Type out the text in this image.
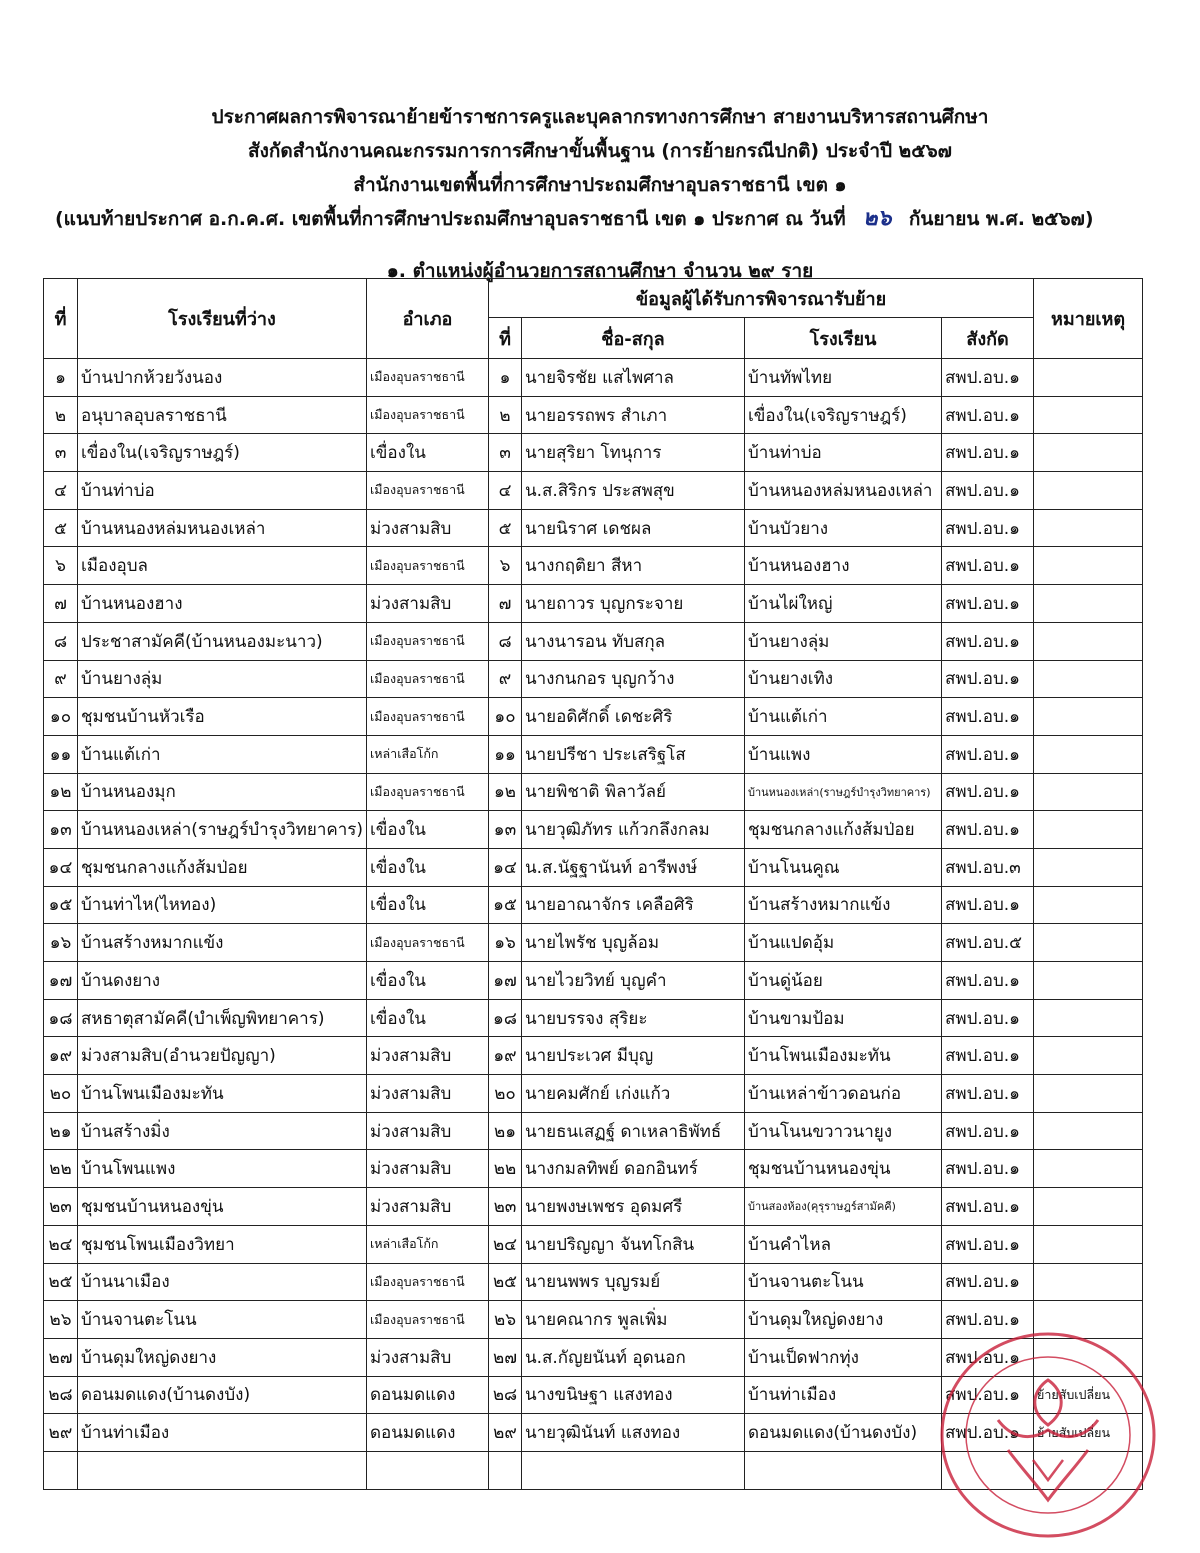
ประกาศผลการพิจารณาย้ายข้าราชการครูและบุคลากรทางการศึกษา สายงานบริหารสถานศึกษา
สังกัดสำนักงานคณะกรรมการการศึกษาขั้นพื้นฐาน (การย้ายกรณีปกติ) ประจำปี ๒๕๖๗
สำนักงานเขตพื้นที่การศึกษาประถมศึกษาอุบลราชธานี เขต ๑
(แนบท้ายประกาศ อ.ก.ค.ศ. เขตพื้นที่การศึกษาประถมศึกษาอุบลราชธานี เขต ๑ ประกาศ ณ วันที่ ๒๖ กันยายน พ.ศ. ๒๕๖๗)
๑. ตำแหน่งผู้อำนวยการสถานศึกษา จำนวน ๒๙ ราย
ที่	โรงเรียนที่ว่าง	อำเภอ	ข้อมูลผู้ได้รับการพิจารณารับย้าย				หมายเหตุ
			ที่	ชื่อ-สกุล	โรงเรียน	สังกัด	
๑	บ้านปากห้วยวังนอง	เมืองอุบลราชธานี	๑	นายจิรชัย แสไพศาล	บ้านทัพไทย	สพป.อบ.๑	
๒	อนุบาลอุบลราชธานี	เมืองอุบลราชธานี	๒	นายอรรถพร สำเภา	เขื่องใน(เจริญราษฎร์)	สพป.อบ.๑	
๓	เขื่องใน(เจริญราษฎร์)	เขื่องใน	๓	นายสุริยา โทนุการ	บ้านท่าบ่อ	สพป.อบ.๑	
๔	บ้านท่าบ่อ	เมืองอุบลราชธานี	๔	น.ส.สิริกร ประสพสุข	บ้านหนองหล่มหนองเหล่า	สพป.อบ.๑	
๕	บ้านหนองหล่มหนองเหล่า	ม่วงสามสิบ	๕	นายนิราศ เดชผล	บ้านบัวยาง	สพป.อบ.๑	
๖	เมืองอุบล	เมืองอุบลราชธานี	๖	นางกฤติยา สีหา	บ้านหนองฮาง	สพป.อบ.๑	
๗	บ้านหนองฮาง	ม่วงสามสิบ	๗	นายถาวร บุญกระจาย	บ้านไผ่ใหญ่	สพป.อบ.๑	
๘	ประชาสามัคคี(บ้านหนองมะนาว)	เมืองอุบลราชธานี	๘	นางนารอน ทับสกุล	บ้านยางลุ่ม	สพป.อบ.๑	
๙	บ้านยางลุ่ม	เมืองอุบลราชธานี	๙	นางกนกอร บุญกว้าง	บ้านยางเทิง	สพป.อบ.๑	
๑๐	ชุมชนบ้านหัวเรือ	เมืองอุบลราชธานี	๑๐	นายอดิศักดิ์ เดชะศิริ	บ้านแต้เก่า	สพป.อบ.๑	
๑๑	บ้านแต้เก่า	เหล่าเสือโก้ก	๑๑	นายปรีชา ประเสริฐโส	บ้านแพง	สพป.อบ.๑	
๑๒	บ้านหนองมุก	เมืองอุบลราชธานี	๑๒	นายพิชาติ พิลาวัลย์	บ้านหนองเหล่า(ราษฎร์บำรุงวิทยาคาร)	สพป.อบ.๑	
๑๓	บ้านหนองเหล่า(ราษฎร์บำรุงวิทยาคาร)	เขื่องใน	๑๓	นายวุฒิภัทร แก้วกลึงกลม	ชุมชนกลางแก้งส้มป่อย	สพป.อบ.๑	
๑๔	ชุมชนกลางแก้งส้มป่อย	เขื่องใน	๑๔	น.ส.นัฐฐานันท์ อารีพงษ์	บ้านโนนคูณ	สพป.อบ.๓	
๑๕	บ้านท่าไห(ไหทอง)	เขื่องใน	๑๕	นายอาณาจักร เคลือศิริ	บ้านสร้างหมากแข้ง	สพป.อบ.๑	
๑๖	บ้านสร้างหมากแข้ง	เมืองอุบลราชธานี	๑๖	นายไพรัช บุญล้อม	บ้านแปดอุ้ม	สพป.อบ.๕	
๑๗	บ้านดงยาง	เขื่องใน	๑๗	นายไวยวิทย์ บุญคำ	บ้านดู่น้อย	สพป.อบ.๑	
๑๘	สหธาตุสามัคคี(บำเพ็ญพิทยาคาร)	เขื่องใน	๑๘	นายบรรจง สุริยะ	บ้านขามป้อม	สพป.อบ.๑	
๑๙	ม่วงสามสิบ(อำนวยปัญญา)	ม่วงสามสิบ	๑๙	นายประเวศ มีบุญ	บ้านโพนเมืองมะทัน	สพป.อบ.๑	
๒๐	บ้านโพนเมืองมะทัน	ม่วงสามสิบ	๒๐	นายคมศักย์ เก่งแก้ว	บ้านเหล่าข้าวดอนก่อ	สพป.อบ.๑	
๒๑	บ้านสร้างมิ่ง	ม่วงสามสิบ	๒๑	นายธนเสฏฐ์ ดาเหลาธิพัทธ์	บ้านโนนขวาวนายูง	สพป.อบ.๑	
๒๒	บ้านโพนแพง	ม่วงสามสิบ	๒๒	นางกมลทิพย์ ดอกอินทร์	ชุมชนบ้านหนองขุ่น	สพป.อบ.๑	
๒๓	ชุมชนบ้านหนองขุ่น	ม่วงสามสิบ	๒๓	นายพงษเพชร อุดมศรี	บ้านสองห้อง(คุรุราษฎร์สามัคคี)	สพป.อบ.๑	
๒๔	ชุมชนโพนเมืองวิทยา	เหล่าเสือโก้ก	๒๔	นายปริญญา จันทโกสิน	บ้านคำไหล	สพป.อบ.๑	
๒๕	บ้านนาเมือง	เมืองอุบลราชธานี	๒๕	นายนพพร บุญรมย์	บ้านจานตะโนน	สพป.อบ.๑	
๒๖	บ้านจานตะโนน	เมืองอุบลราชธานี	๒๖	นายคณากร พูลเพิ่ม	บ้านดุมใหญ่ดงยาง	สพป.อบ.๑	
๒๗	บ้านดุมใหญ่ดงยาง	ม่วงสามสิบ	๒๗	น.ส.กัญยนันท์ อุดนอก	บ้านเป็ดฟากทุ่ง	สพป.อบ.๑	
๒๘	ดอนมดแดง(บ้านดงบัง)	ดอนมดแดง	๒๘	นางขนิษฐา แสงทอง	บ้านท่าเมือง	สพป.อบ.๑	ย้ายสับเปลี่ยน
๒๙	บ้านท่าเมือง	ดอนมดแดง	๒๙	นายวุฒินันท์ แสงทอง	ดอนมดแดง(บ้านดงบัง)	สพป.อบ.๑	ย้ายสับเปลี่ยน
